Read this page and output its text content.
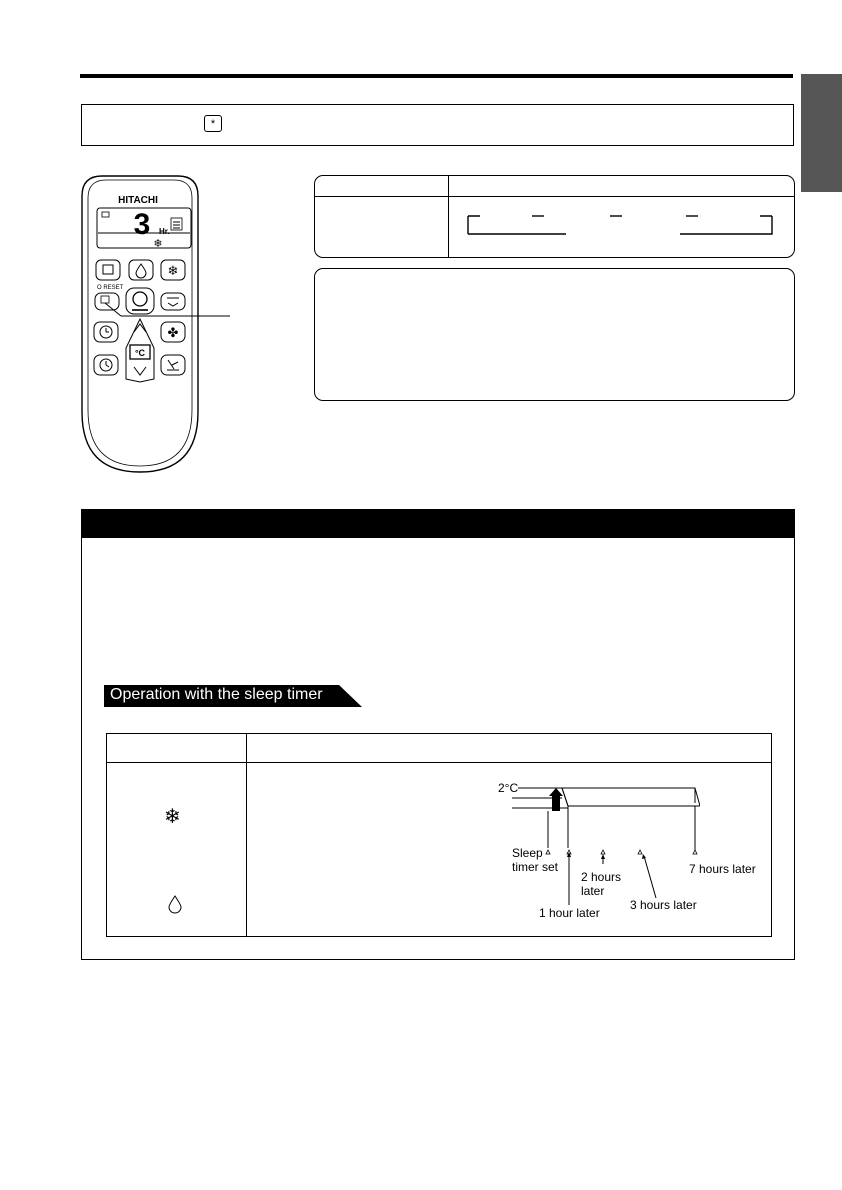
*
HITACHI
3 Hr.
❄
❄
O RESET
°C
✤
Operation with the sleep timer
❄
2°C
Sleep
timer set
2 hours
later
7 hours later
3 hours later
1 hour later
